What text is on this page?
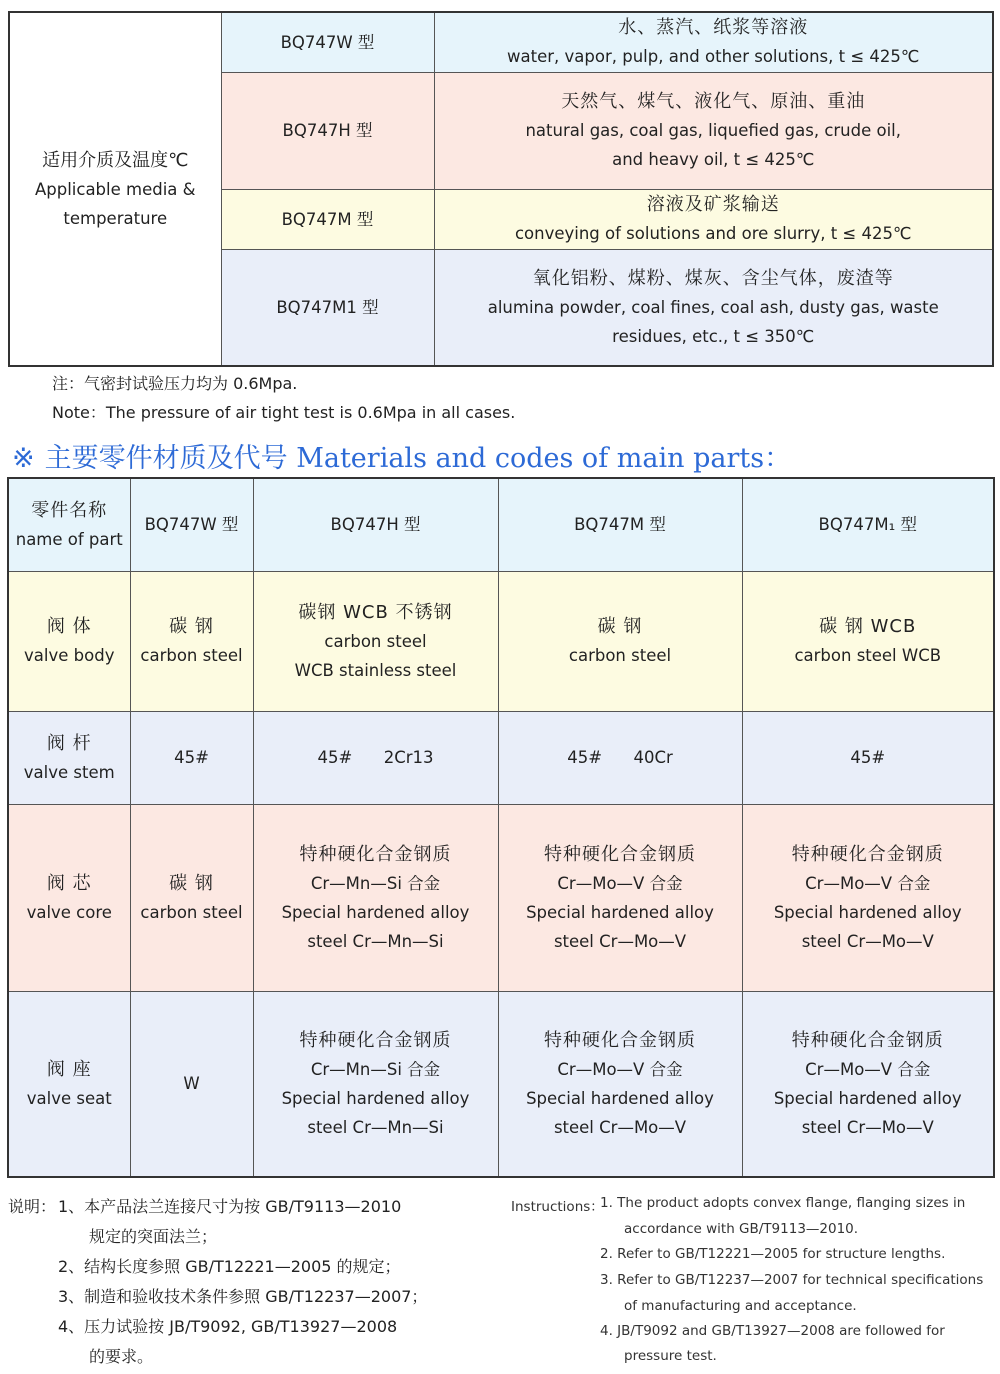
适用介质及温度℃
Applicable media &
temperature	BQ747W 型	水、蒸汽、纸浆等溶液
water, vapor, pulp, and other solutions, t ≤ 425℃

	BQ747H 型	天然气、煤气、液化气、原油、重油
natural gas, coal gas, liquefied gas, crude oil,
and heavy oil, t ≤ 425℃

	BQ747M 型	溶液及矿浆输送
conveying of solutions and ore slurry, t ≤ 425℃

	BQ747M1 型	氧化铝粉、煤粉、煤灰、含尘气体，废渣等
alumina powder, coal fines, coal ash, dusty gas, waste
residues, etc., t ≤ 350℃
注：气密封试验压力均为 0.6Mpa.
Note：The pressure of air tight test is 0.6Mpa in all cases.
※ 主要零件材质及代号 Materials and codes of main parts：
零件名称
name of part	BQ747W 型	BQ747H 型	BQ747M 型	BQ747M₁ 型

阀 体
valve body	碳 钢
carbon steel	碳钢 WCB 不锈钢
carbon steel
WCB stainless steel	碳 钢
carbon steel	碳 钢 WCB
carbon steel WCB

阀 杆
valve stem	45#	45#      2Cr13	45#      40Cr	45#

阀 芯
valve core	碳 钢
carbon steel	特种硬化合金钢质
Cr—Mn—Si 合金
Special hardened alloy
steel Cr—Mn—Si	特种硬化合金钢质
Cr—Mo—V 合金
Special hardened alloy
steel Cr—Mo—V	特种硬化合金钢质
Cr—Mo—V 合金
Special hardened alloy
steel Cr—Mo—V

阀 座
valve seat	W	特种硬化合金钢质
Cr—Mn—Si 合金
Special hardened alloy
steel Cr—Mn—Si	特种硬化合金钢质
Cr—Mo—V 合金
Special hardened alloy
steel Cr—Mo—V	特种硬化合金钢质
Cr—Mo—V 合金
Special hardened alloy
steel Cr—Mo—V
说明： 1、本产品法兰连接尺寸为按 GB/T9113—2010
规定的突面法兰；
2、结构长度参照 GB/T12221—2005 的规定；
3、制造和验收技术条件参照 GB/T12237—2007；
4、压力试验按 JB/T9092, GB/T13927—2008
的要求。
Instructions：
1. The product adopts convex flange, flanging sizes in
accordance with GB/T9113—2010.
2. Refer to GB/T12221—2005 for structure lengths.
3. Refer to GB/T12237—2007 for technical specifications
of manufacturing and acceptance.
4. JB/T9092 and GB/T13927—2008 are followed for
pressure test.
